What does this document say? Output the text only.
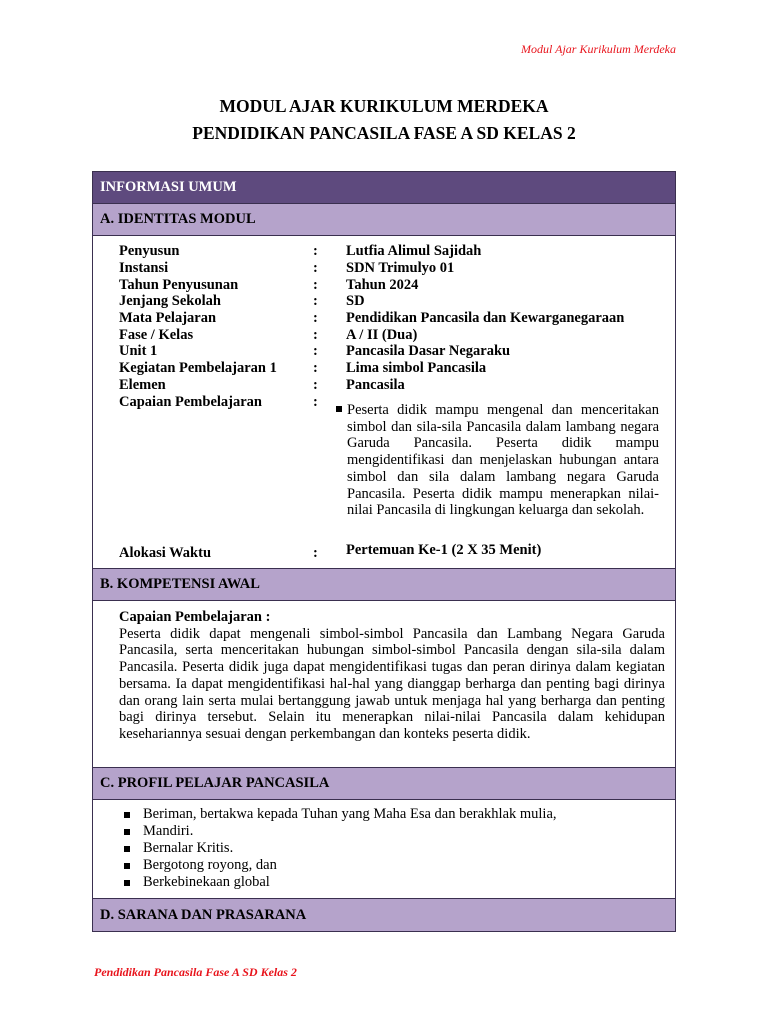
Modul Ajar Kurikulum Merdeka
MODUL AJAR KURIKULUM MERDEKA
PENDIDIKAN PANCASILA FASE A SD KELAS 2
INFORMASI UMUM
A. IDENTITAS MODUL
Penyusun	: Lutfia Alimul Sajidah
Instansi	: SDN Trimulyo 01
Tahun Penyusunan	: Tahun 2024
Jenjang Sekolah	: SD
Mata Pelajaran	: Pendidikan Pancasila dan Kewarganegaraan
Fase / Kelas	: A / II (Dua)
Unit 1	: Pancasila Dasar Negaraku
Kegiatan Pembelajaran 1 : Lima simbol Pancasila
Elemen	: Pancasila
Capaian Pembelajaran	: Peserta didik mampu mengenal dan menceritakan simbol dan sila-sila Pancasila dalam lambang negara Garuda Pancasila. Peserta didik mampu mengidentifikasi dan menjelaskan hubungan antara simbol dan sila dalam lambang negara Garuda Pancasila. Peserta didik mampu menerapkan nilai-nilai Pancasila di lingkungan keluarga dan sekolah.
Alokasi Waktu	: Pertemuan Ke-1 (2 X 35 Menit)
B. KOMPETENSI AWAL
Capaian Pembelajaran :
Peserta didik dapat mengenali simbol-simbol Pancasila dan Lambang Negara Garuda Pancasila, serta menceritakan hubungan simbol-simbol Pancasila dengan sila-sila dalam Pancasila. Peserta didik juga dapat mengidentifikasi tugas dan peran dirinya dalam kegiatan bersama. Ia dapat mengidentifikasi hal-hal yang dianggap berharga dan penting bagi dirinya dan orang lain serta mulai bertanggung jawab untuk menjaga hal yang berharga dan penting bagi dirinya tersebut. Selain itu menerapkan nilai-nilai Pancasila dalam kehidupan kesehariannya sesuai dengan perkembangan dan konteks peserta didik.
C. PROFIL PELAJAR PANCASILA
Beriman, bertakwa kepada Tuhan yang Maha Esa dan berakhlak mulia,
Mandiri.
Bernalar Kritis.
Bergotong royong, dan
Berkebinekaan global
D. SARANA DAN PRASARANA
Pendidikan Pancasila Fase A SD Kelas 2
